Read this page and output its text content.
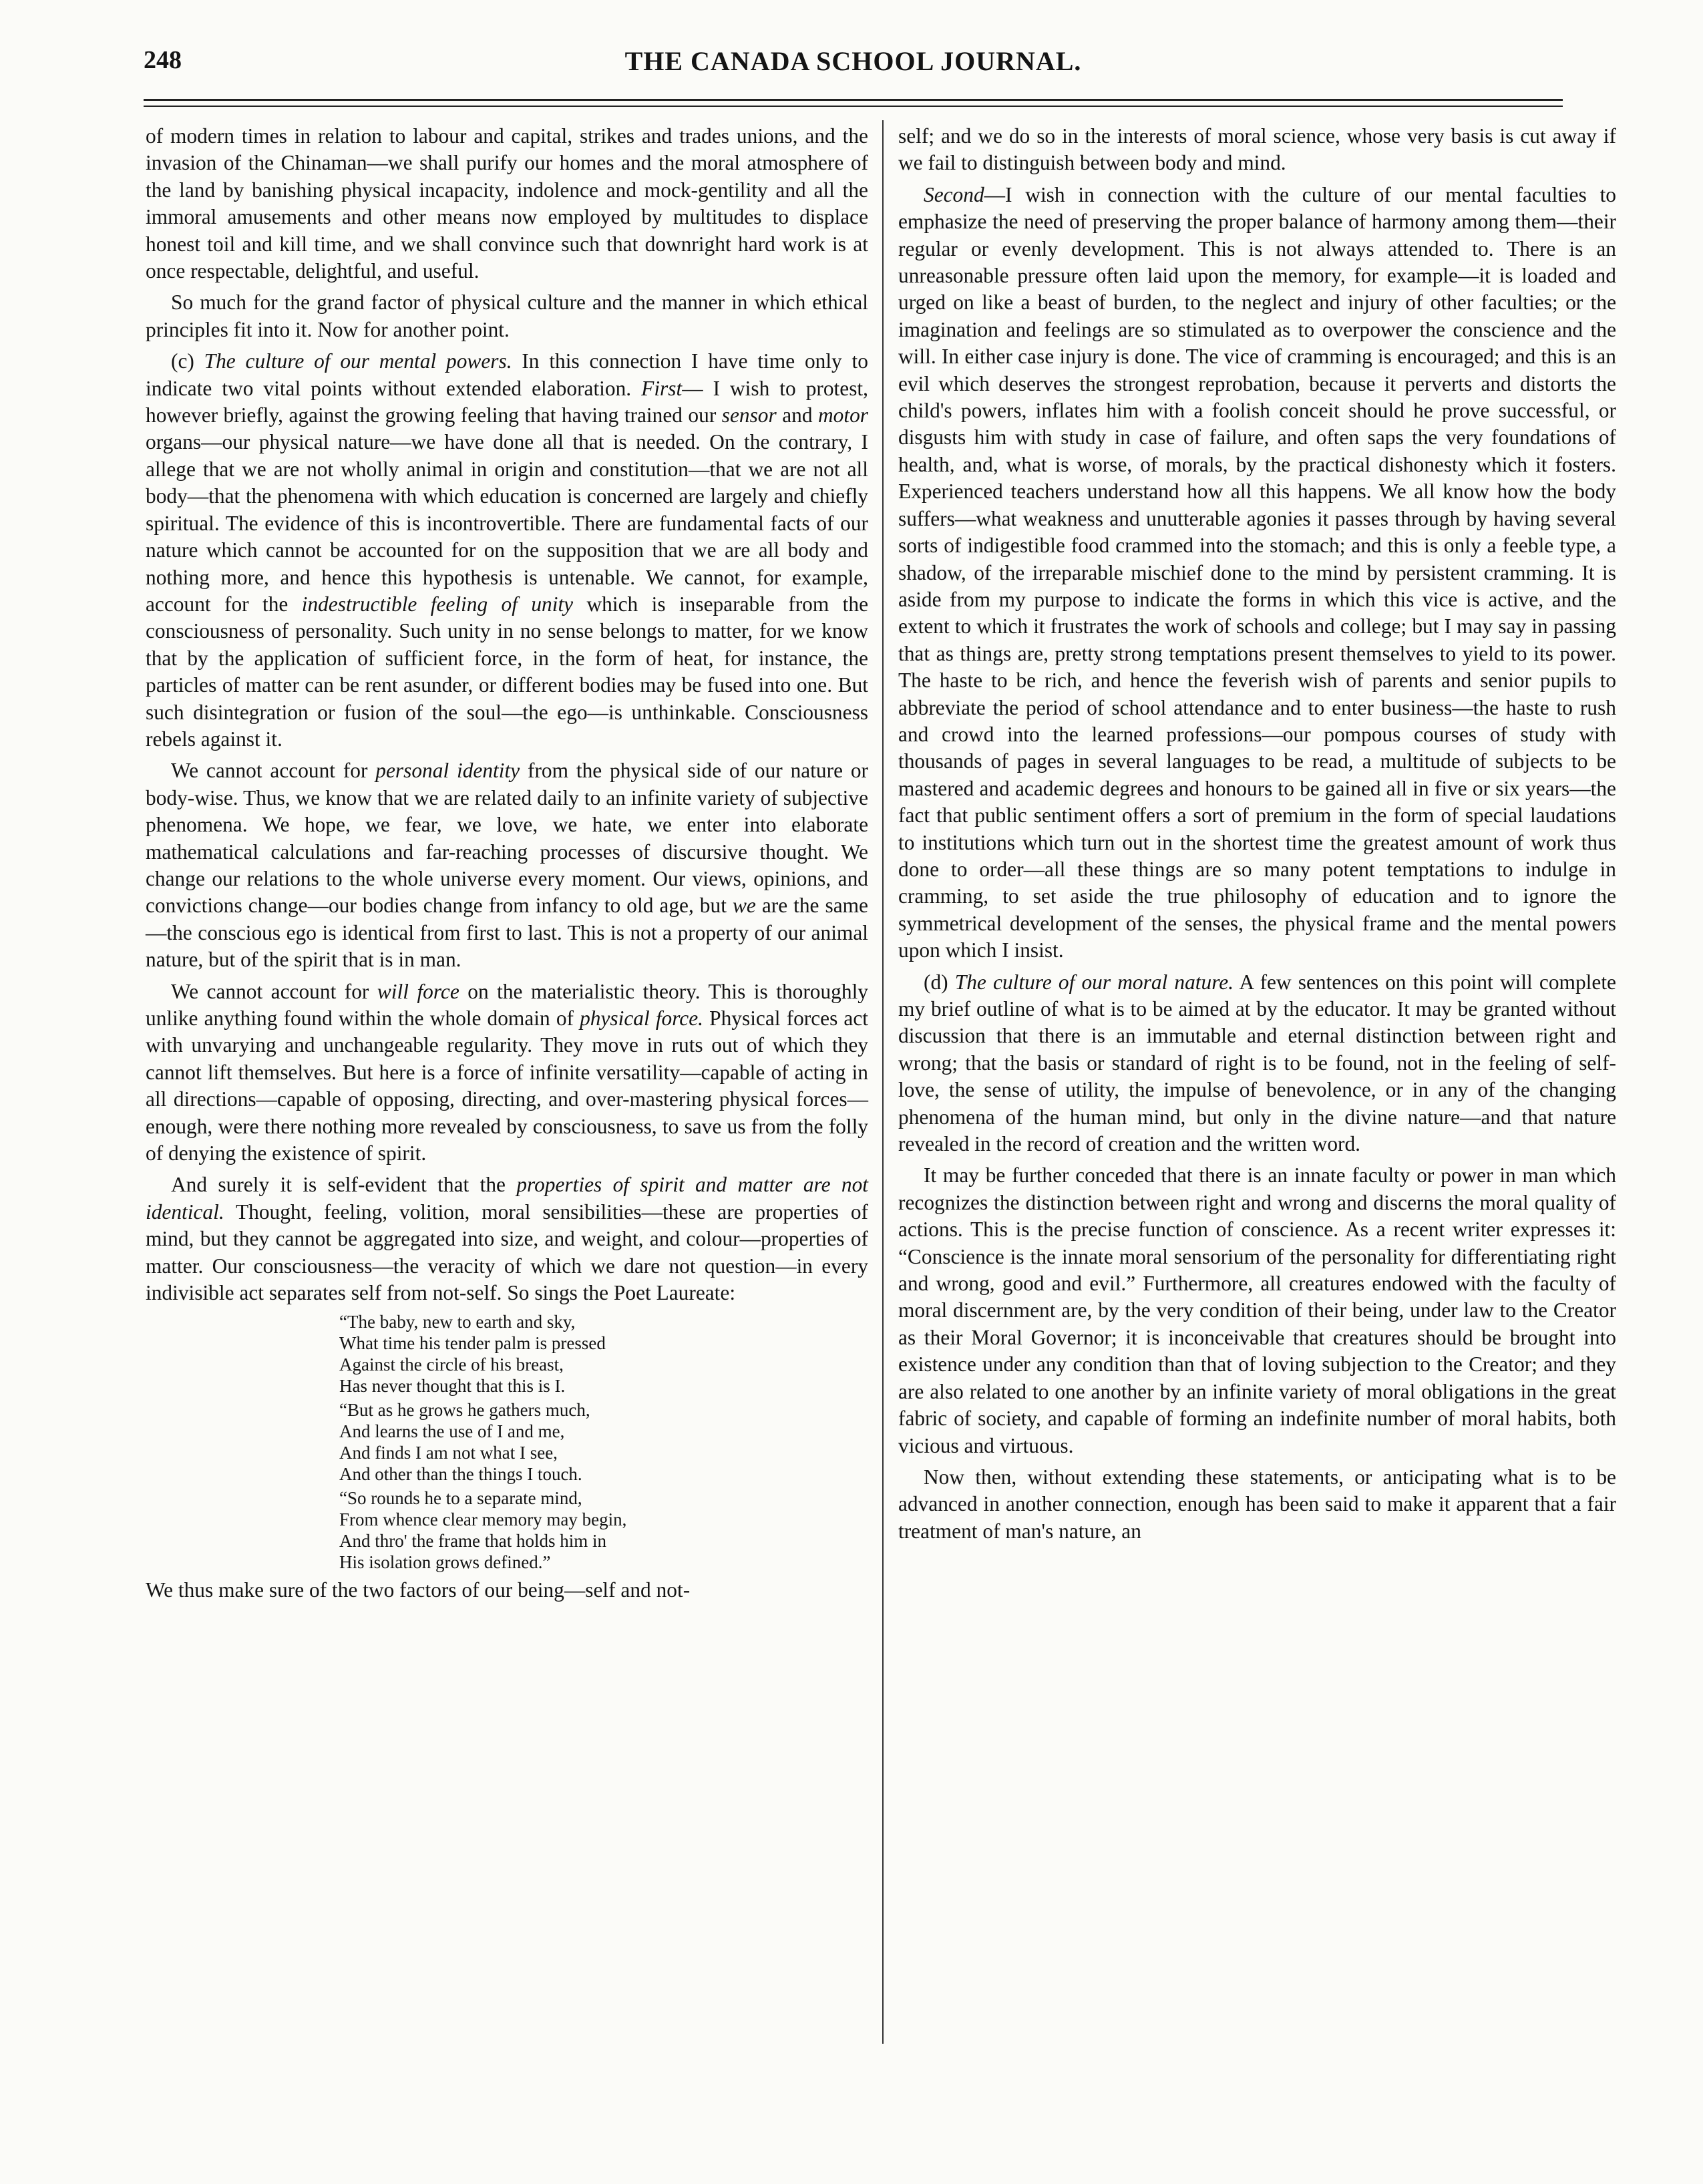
248	THE CANADA SCHOOL JOURNAL.

of modern times in relation to labour and capital, strikes and trades unions, and the invasion of the Chinaman—we shall purify our homes and the moral atmosphere of the land by banishing physical incapacity, indolence and mock-gentility and all the immoral amusements and other means now employed by multitudes to displace honest toil and kill time, and we shall convince such that downright hard work is at once respectable, delightful, and useful.

So much for the grand factor of physical culture and the manner in which ethical principles fit into it. Now for another point.

(c) The culture of our mental powers. In this connection I have time only to indicate two vital points without extended elaboration. First— I wish to protest, however briefly, against the growing feeling that having trained our sensor and motor organs—our physical nature—we have done all that is needed. On the contrary, I allege that we are not wholly animal in origin and constitution—that we are not all body—that the phenomena with which education is concerned are largely and chiefly spiritual. The evidence of this is incontrovertible. There are fundamental facts of our nature which cannot be accounted for on the supposition that we are all body and nothing more, and hence this hypothesis is untenable. We cannot, for example, account for the indestructible feeling of unity which is inseparable from the consciousness of personality. Such unity in no sense belongs to matter, for we know that by the application of sufficient force, in the form of heat, for instance, the particles of matter can be rent asunder, or different bodies may be fused into one. But such disintegration or fusion of the soul—the ego—is unthinkable. Consciousness rebels against it.

We cannot account for personal identity from the physical side of our nature or body-wise. Thus, we know that we are related daily to an infinite variety of subjective phenomena. We hope, we fear, we love, we hate, we enter into elaborate mathematical calculations and far-reaching processes of discursive thought. We change our relations to the whole universe every moment. Our views, opinions, and convictions change—our bodies change from infancy to old age, but we are the same—the conscious ego is identical from first to last. This is not a property of our animal nature, but of the spirit that is in man.

We cannot account for will force on the materialistic theory. This is thoroughly unlike anything found within the whole domain of physical force. Physical forces act with unvarying and unchangeable regularity. They move in ruts out of which they cannot lift themselves. But here is a force of infinite versatility—capable of acting in all directions—capable of opposing, directing, and over-mastering physical forces—enough, were there nothing more revealed by consciousness, to save us from the folly of denying the existence of spirit.

And surely it is self-evident that the properties of spirit and matter are not identical. Thought, feeling, volition, moral sensibilities—these are properties of mind, but they cannot be aggregated into size, and weight, and colour—properties of matter. Our consciousness—the veracity of which we dare not question—in every indivisible act separates self from not-self. So sings the Poet Laureate:

“The baby, new to earth and sky,
What time his tender palm is pressed
Against the circle of his breast,
Has never thought that this is I.
“But as he grows he gathers much,
And learns the use of I and me,
And finds I am not what I see,
And other than the things I touch.
“So rounds he to a separate mind,
From whence clear memory may begin,
And thro' the frame that holds him in
His isolation grows defined.”

We thus make sure of the two factors of our being—self and not-

self; and we do so in the interests of moral science, whose very basis is cut away if we fail to distinguish between body and mind.

Second—I wish in connection with the culture of our mental faculties to emphasize the need of preserving the proper balance of harmony among them—their regular or evenly development. This is not always attended to. There is an unreasonable pressure often laid upon the memory, for example—it is loaded and urged on like a beast of burden, to the neglect and injury of other faculties; or the imagination and feelings are so stimulated as to overpower the conscience and the will. In either case injury is done. The vice of cramming is encouraged; and this is an evil which deserves the strongest reprobation, because it perverts and distorts the child's powers, inflates him with a foolish conceit should he prove successful, or disgusts him with study in case of failure, and often saps the very foundations of health, and, what is worse, of morals, by the practical dishonesty which it fosters. Experienced teachers understand how all this happens. We all know how the body suffers—what weakness and unutterable agonies it passes through by having several sorts of indigestible food crammed into the stomach; and this is only a feeble type, a shadow, of the irreparable mischief done to the mind by persistent cramming. It is aside from my purpose to indicate the forms in which this vice is active, and the extent to which it frustrates the work of schools and college; but I may say in passing that as things are, pretty strong temptations present themselves to yield to its power. The haste to be rich, and hence the feverish wish of parents and senior pupils to abbreviate the period of school attendance and to enter business—the haste to rush and crowd into the learned professions—our pompous courses of study with thousands of pages in several languages to be read, a multitude of subjects to be mastered and academic degrees and honours to be gained all in five or six years—the fact that public sentiment offers a sort of premium in the form of special laudations to institutions which turn out in the shortest time the greatest amount of work thus done to order—all these things are so many potent temptations to indulge in cramming, to set aside the true philosophy of education and to ignore the symmetrical development of the senses, the physical frame and the mental powers upon which I insist.

(d) The culture of our moral nature. A few sentences on this point will complete my brief outline of what is to be aimed at by the educator. It may be granted without discussion that there is an immutable and eternal distinction between right and wrong; that the basis or standard of right is to be found, not in the feeling of self-love, the sense of utility, the impulse of benevolence, or in any of the changing phenomena of the human mind, but only in the divine nature—and that nature revealed in the record of creation and the written word.

It may be further conceded that there is an innate faculty or power in man which recognizes the distinction between right and wrong and discerns the moral quality of actions. This is the precise function of conscience. As a recent writer expresses it: “Conscience is the innate moral sensorium of the personality for differentiating right and wrong, good and evil.” Furthermore, all creatures endowed with the faculty of moral discernment are, by the very condition of their being, under law to the Creator as their Moral Governor; it is inconceivable that creatures should be brought into existence under any condition than that of loving subjection to the Creator; and they are also related to one another by an infinite variety of moral obligations in the great fabric of society, and capable of forming an indefinite number of moral habits, both vicious and virtuous.

Now then, without extending these statements, or anticipating what is to be advanced in another connection, enough has been said to make it apparent that a fair treatment of man's nature, an
